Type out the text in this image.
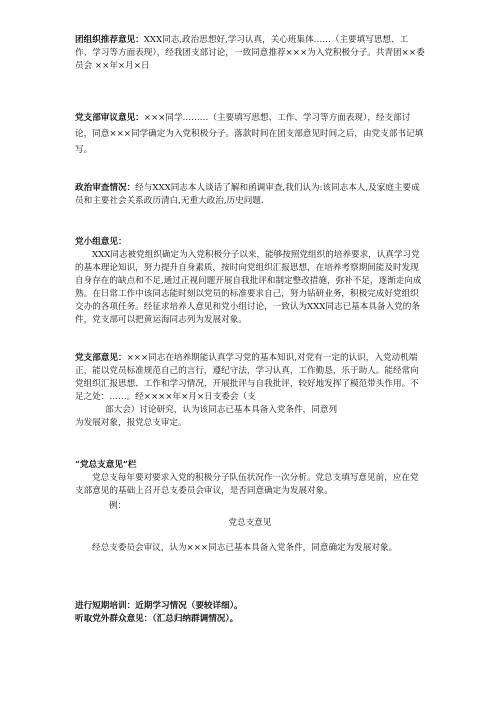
团组织推荐意见：XXX同志,政治思想好,学习认真，关心班集体……（主要填写思想、工作、学习等方面表现），经我团支部讨论，一致同意推荐×××为入党积极分子。共青团××委员会 ××年×月×日

党支部审议意见：×××同学………（主要填写思想、工作、学习等方面表现），经支部讨论，同意×××同学确定为入党积极分子。落款时间在团支部意见时间之后，由党支部书记填写。

政治审查情况：经与XXX同志本人谈话了解和函调审查,我们认为:该同志本人,及家庭主要成员和主要社会关系政历清白,无重大政治,历史问题.

党小组意见：

XXX同志被党组织确定为入党积极分子以来，能够按照党组织的培养要求，认真学习党的基本理论知识，努力提升自身素质，按时向党组织汇报思想，在培养考察期间能及时发现自身存在的缺点和不足,通过正视问题开展自我批评和制定整改措施，弥补不足，逐渐走向成熟。在日常工作中该同志能时刻以党员的标准要求自己，努力钻研业务，积极完成好党组织交办的各项任务。经征求培养人意见和党小组讨论，一致认为XXX同志已基本具备入党的条件，党支部可以把黄运海同志列为发展对象。

党支部意见：×××同志在培养期能认真学习党的基本知识,对党有一定的认识，入党动机端正，能以党员标准规范自己的言行，遵纪守法，学习认真，工作勤恳，乐于助人。能经常向党组织汇报思想、工作和学习情况，开展批评与自我批评，较好地发挥了模范带头作用。不足之处：……。经××××年×月×日支委会（支

部大会）讨论研究，认为该同志已基本具备入党条件，同意列

为发展对象，报党总支审定。

“党总支意见”栏

党总支每年要对要求入党的积极分子队伍状况作一次分析。党总支填写意见前，应在党支部意见的基础上召开总支委员会审议，是否同意确定为发展对象。

例：

党总支意见

经总支委员会审议，认为×××同志已基本具备入党条件，同意确定为发展对象。

进行短期培训：近期学习情况（要较详细）。

听取党外群众意见：（汇总归纳群调情况）。
